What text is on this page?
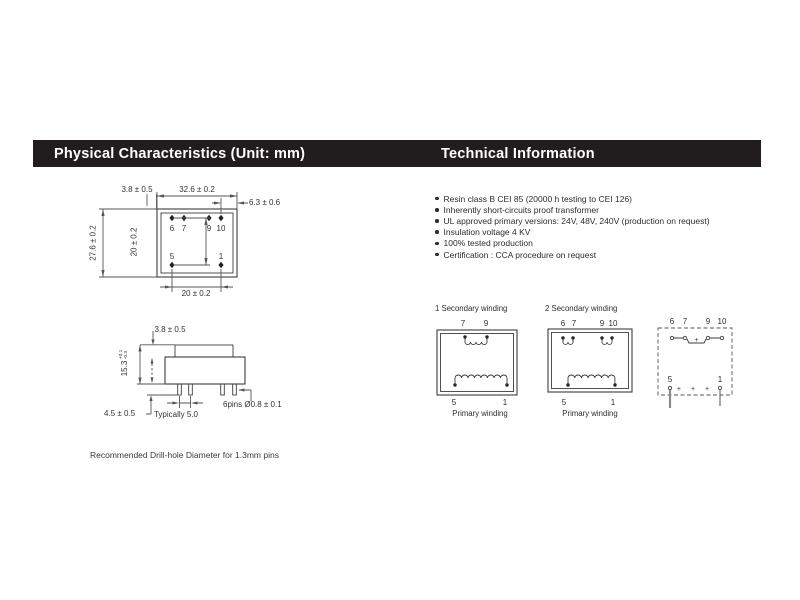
Physical Characteristics (Unit: mm)	Technical Information
3.8 ± 0.5	32.6 ± 0.2
6.3 ± 0.6
27.6 ± 0.2	20 ± 0.2	6 7	9 10
5	1
20 ± 0.2
3.8 ± 0.5
15.3
+0.1 -0.3
4.5 ± 0.5 Typically 5.0
6pins Ø0.8 ± 0.1
Recommended Drill-hole Diameter for 1.3mm pins
Resin class B CEI 85 (20000 h testing to CEI 126)
Inherently short-circuits proof transformer
UL approved primary versions: 24V, 48V, 240V (production on request)
Insulation voltage 4 KV
100% tested production
Certification : CCA procedure on request
1 Secondary winding
7 9
5	1
Primary winding
2 Secondary winding
6 7	9 10
5	1
Primary winding
6 7 9 10
+
5	1
+ + +
